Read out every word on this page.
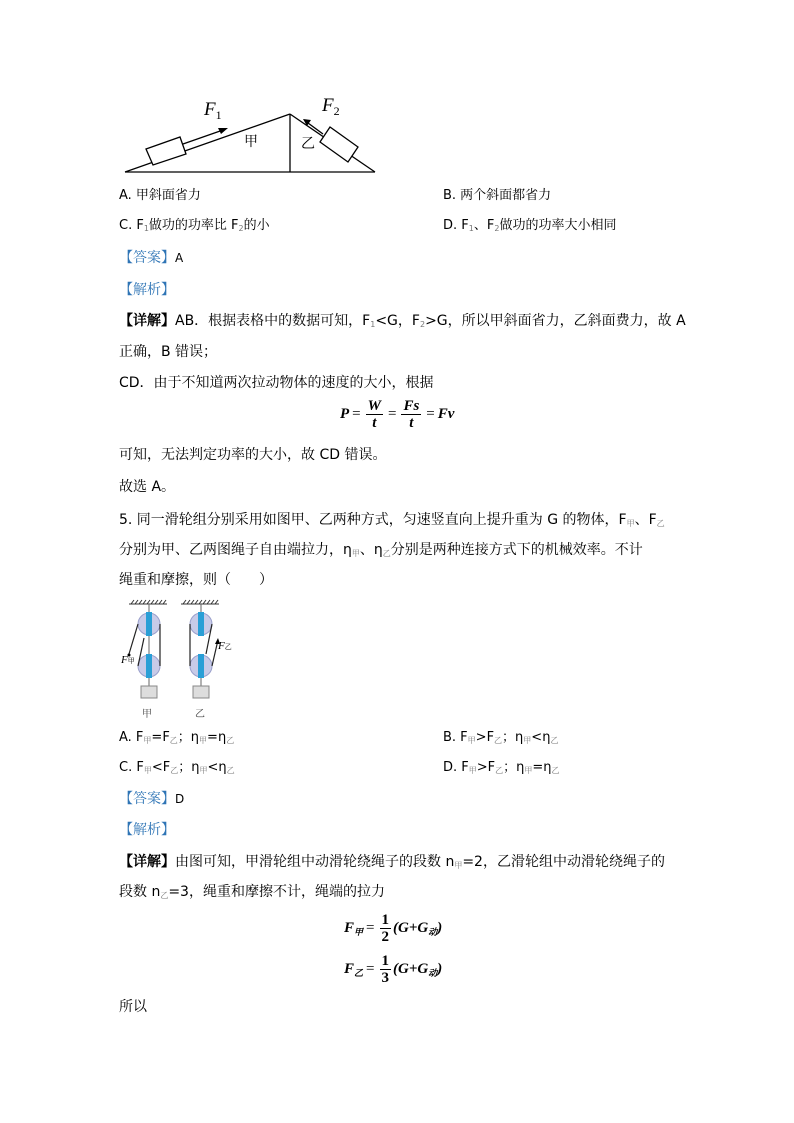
$F_1$	$F_2$
甲	乙
A. 甲斜面省力	B. 两个斜面都省力
C. $F_1$做功的功率比 $F_2$的小	D. $F_1$、$F_2$做功的功率大小相同
【答案】A
【解析】
【详解】AB．根据表格中的数据可知，$F_1<G$，$F_2>G$，所以甲斜面省力，乙斜面费力，故 A
正确，B 错误；
CD．由于不知道两次拉动物体的速度的大小，根据
$P = \frac{W}{t} = \frac{Fs}{t} = Fv$
可知，无法判定功率的大小，故 CD 错误。
故选 A。
5. 同一滑轮组分别采用如图甲、乙两种方式，匀速竖直向上提升重为 G 的物体，$F_甲$、$F_乙$
分别为甲、乙两图绳子自由端拉力，$\eta_甲$、$\eta_乙$分别是两种连接方式下的机械效率。不计
绳重和摩擦，则（　　）
F甲
F乙
甲	乙
A. $F_甲=F_乙$；$\eta_甲=\eta_乙$	B. $F_甲>F_乙$；$\eta_甲<\eta_乙$
C. $F_甲<F_乙$；$\eta_甲<\eta_乙$	D. $F_甲>F_乙$；$\eta_甲=\eta_乙$
【答案】D
【解析】
【详解】由图可知，甲滑轮组中动滑轮绕绳子的段数 $n_甲=2$，乙滑轮组中动滑轮绕绳子的
段数 $n_乙=3$，绳重和摩擦不计，绳端的拉力
$F_甲 = \frac{1}{2} (G+G_动)$
$F_乙 = \frac{1}{3} (G+G_动)$
所以
